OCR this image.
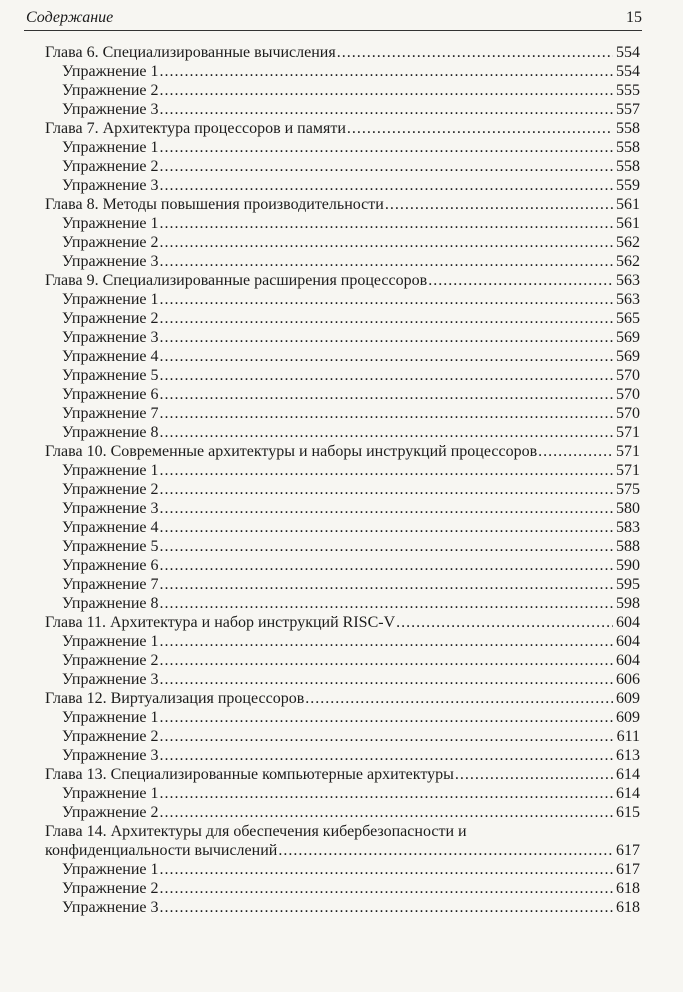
Содержание	15
Глава 6. Специализированные вычисления .....	554
Упражнение 1 .....	554
Упражнение 2 .....	555
Упражнение 3 .....	557
Глава 7. Архитектура процессоров и памяти .....	558
Упражнение 1 .....	558
Упражнение 2 .....	558
Упражнение 3 .....	559
Глава 8. Методы повышения производительности .....	561
Упражнение 1 .....	561
Упражнение 2 .....	562
Упражнение 3 .....	562
Глава 9. Специализированные расширения процессоров .....	563
Упражнение 1 .....	563
Упражнение 2 .....	565
Упражнение 3 .....	569
Упражнение 4 .....	569
Упражнение 5 .....	570
Упражнение 6 .....	570
Упражнение 7 .....	570
Упражнение 8 .....	571
Глава 10. Современные архитектуры и наборы инструкций процессоров .....	571
Упражнение 1 .....	571
Упражнение 2 .....	575
Упражнение 3 .....	580
Упражнение 4 .....	583
Упражнение 5 .....	588
Упражнение 6 .....	590
Упражнение 7 .....	595
Упражнение 8 .....	598
Глава 11. Архитектура и набор инструкций RISC-V .....	604
Упражнение 1 .....	604
Упражнение 2 .....	604
Упражнение 3 .....	606
Глава 12. Виртуализация процессоров .....	609
Упражнение 1 .....	609
Упражнение 2 .....	611
Упражнение 3 .....	613
Глава 13. Специализированные компьютерные архитектуры .....	614
Упражнение 1 .....	614
Упражнение 2 .....	615
Глава 14. Архитектуры для обеспечения кибербезопасности и
конфиденциальности вычислений .....	617
Упражнение 1 .....	617
Упражнение 2 .....	618
Упражнение 3 .....	618
